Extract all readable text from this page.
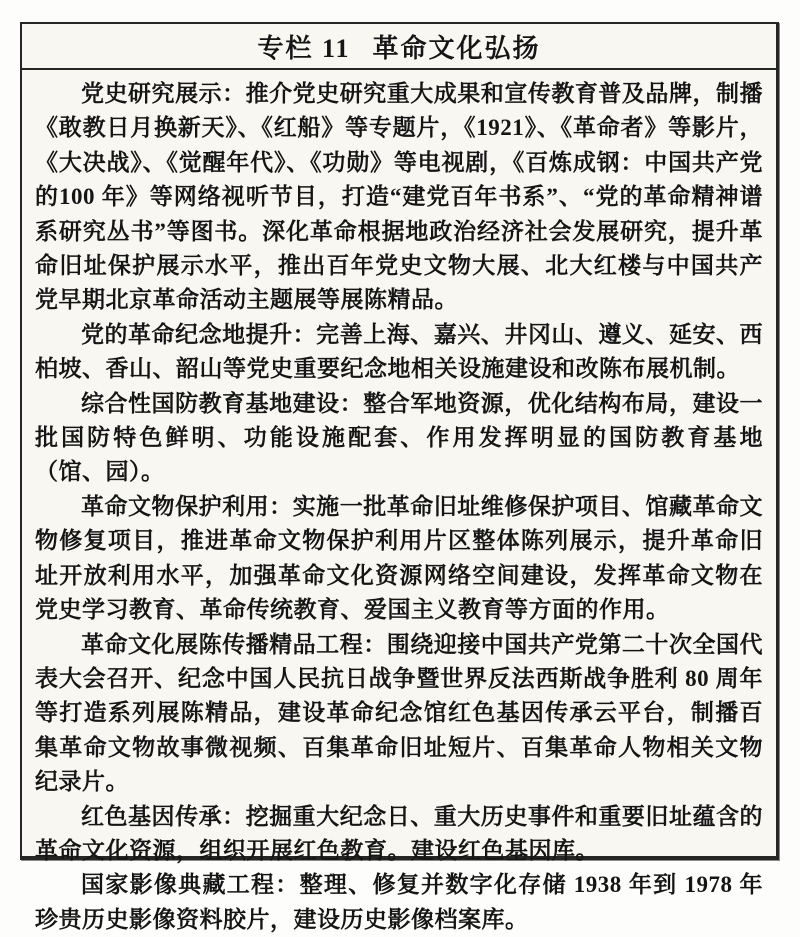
专栏 11 革命文化弘扬

党史研究展示：推介党史研究重大成果和宣传教育普及品牌，制播《敢教日月换新天》、《红船》等专题片，《1921》、《革命者》等影片，《大决战》、《觉醒年代》、《功勋》等电视剧，《百炼成钢：中国共产党的100 年》等网络视听节目，打造“建党百年书系”、“党的革命精神谱系研究丛书”等图书。深化革命根据地政治经济社会发展研究，提升革命旧址保护展示水平，推出百年党史文物大展、北大红楼与中国共产党早期北京革命活动主题展等展陈精品。

党的革命纪念地提升：完善上海、嘉兴、井冈山、遵义、延安、西柏坡、香山、韶山等党史重要纪念地相关设施建设和改陈布展机制。

综合性国防教育基地建设：整合军地资源，优化结构布局，建设一批国防特色鲜明、功能设施配套、作用发挥明显的国防教育基地（馆、园）。

革命文物保护利用：实施一批革命旧址维修保护项目、馆藏革命文物修复项目，推进革命文物保护利用片区整体陈列展示，提升革命旧址开放利用水平，加强革命文化资源网络空间建设，发挥革命文物在党史学习教育、革命传统教育、爱国主义教育等方面的作用。

革命文化展陈传播精品工程：围绕迎接中国共产党第二十次全国代表大会召开、纪念中国人民抗日战争暨世界反法西斯战争胜利 80 周年等打造系列展陈精品，建设革命纪念馆红色基因传承云平台，制播百集革命文物故事微视频、百集革命旧址短片、百集革命人物相关文物纪录片。

红色基因传承：挖掘重大纪念日、重大历史事件和重要旧址蕴含的革命文化资源，组织开展红色教育。建设红色基因库。

国家影像典藏工程：整理、修复并数字化存储 1938 年到 1978 年珍贵历史影像资料胶片，建设历史影像档案库。
